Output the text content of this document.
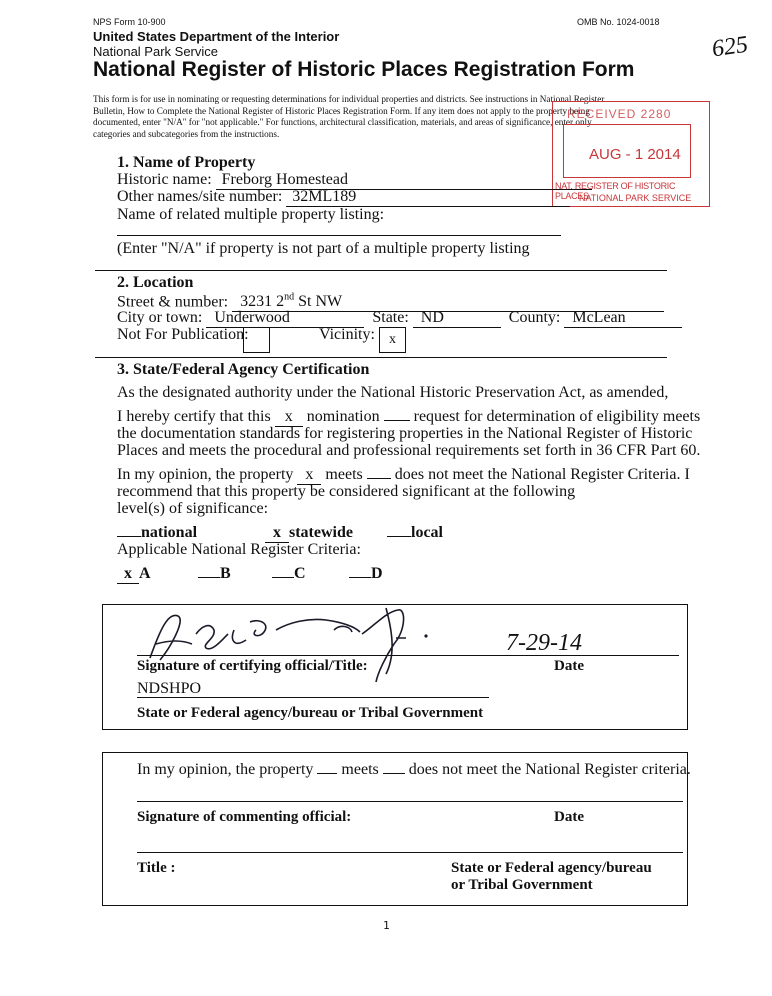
NPS Form 10-900	OMB No. 1024-0018
United States Department of the Interior
National Park Service
National Register of Historic Places Registration Form
625
This form is for use in nominating or requesting determinations for individual properties and districts. See instructions in National Register
Bulletin, How to Complete the National Register of Historic Places Registration Form. If any item does not apply to the property being
documented, enter "N/A" for "not applicable." For functions, architectural classification, materials, and areas of significance, enter only
categories and subcategories from the instructions.
RECEIVED 2280
AUG - 1 2014
NAT. REGISTER OF HISTORIC PLACES
NATIONAL PARK SERVICE
1. Name of Property
Historic name: Freborg Homestead
Other names/site number: 32ML189
Name of related multiple property listing:
(Enter "N/A" if property is not part of a multiple property listing
2. Location
Street & number: 3231 2nd St NW
City or town: Underwood	State: ND	County: McLean
Not For Publication:	Vicinity:	x
3. State/Federal Agency Certification
As the designated authority under the National Historic Preservation Act, as amended,
I hereby certify that this x nomination request for determination of eligibility meets
the documentation standards for registering properties in the National Register of Historic
Places and meets the procedural and professional requirements set forth in 36 CFR Part 60.
In my opinion, the property x meets does not meet the National Register Criteria. I
recommend that this property be considered significant at the following
level(s) of significance:
national	x statewide	local
Applicable National Register Criteria:
x A	B	C	D
7-29-14
Signature of certifying official/Title:	Date
NDSHPO
State or Federal agency/bureau or Tribal Government
In my opinion, the property meets does not meet the National Register criteria.
Signature of commenting official:	Date
Title :	State or Federal agency/bureau
or Tribal Government
1
